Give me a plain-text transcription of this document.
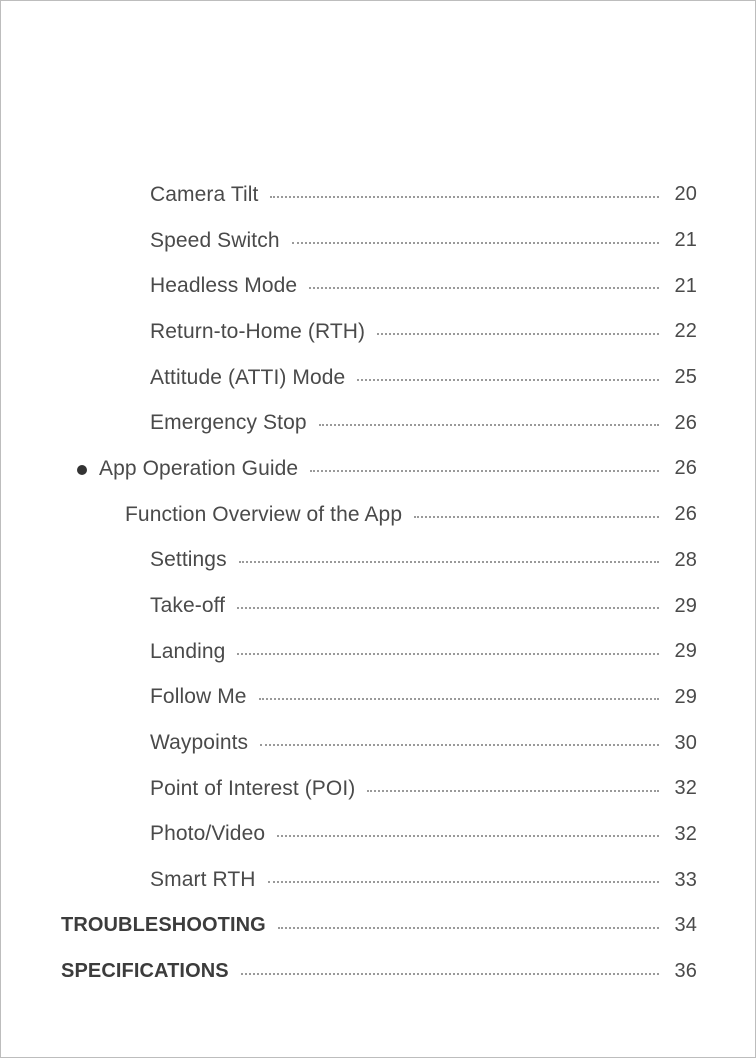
Camera Tilt	20
Speed Switch	21
Headless Mode	21
Return-to-Home (RTH)	22
Attitude (ATTI) Mode	25
Emergency Stop	26
App Operation Guide	26
Function Overview of the App	26
Settings	28
Take-off	29
Landing	29
Follow Me	29
Waypoints	30
Point of Interest (POI)	32
Photo/Video	32
Smart RTH	33
TROUBLESHOOTING	34
SPECIFICATIONS	36
